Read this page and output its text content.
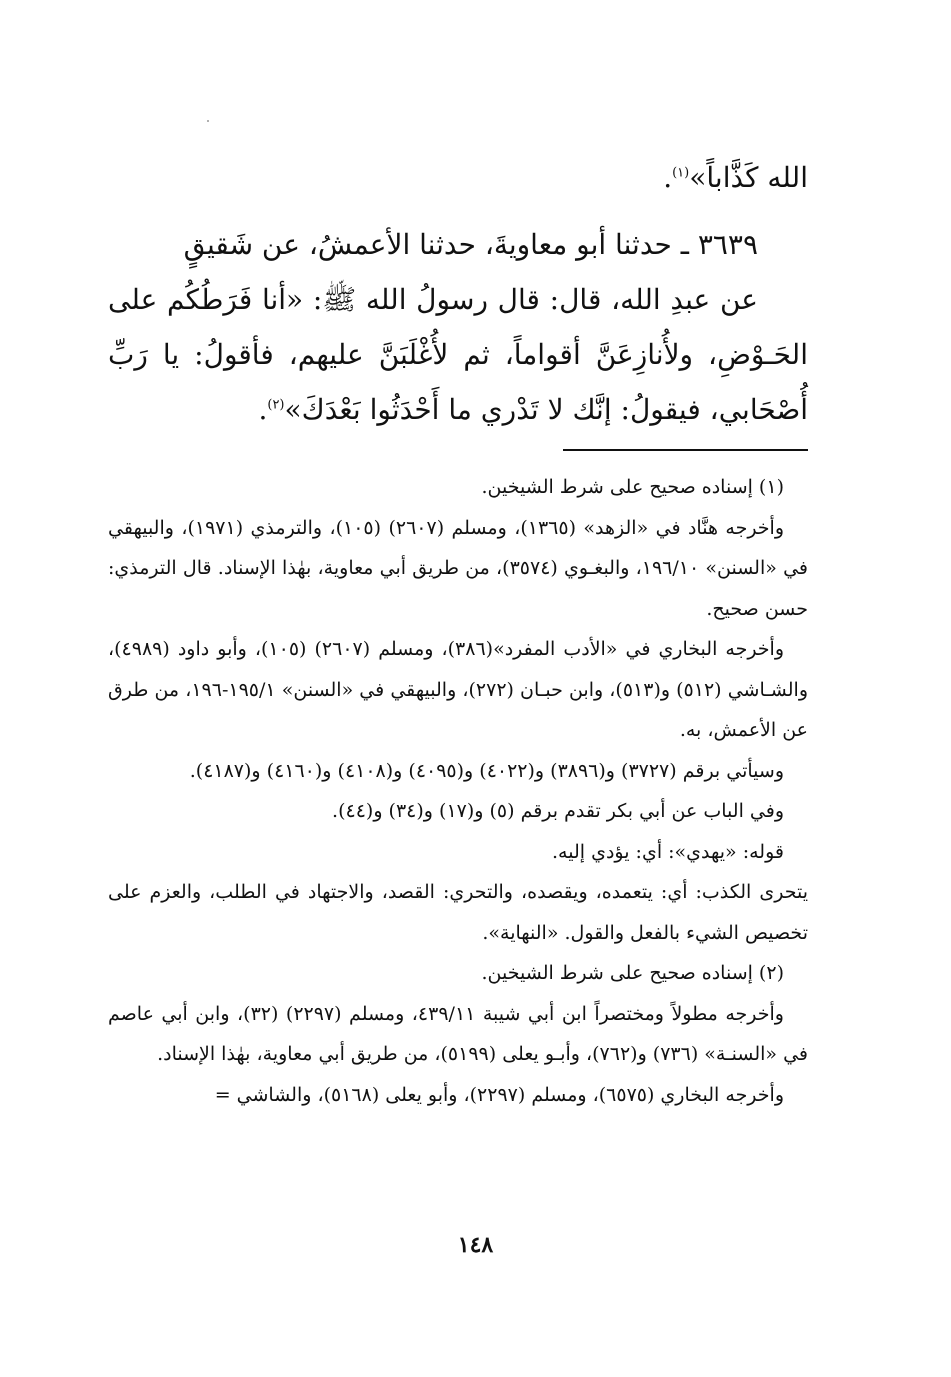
الله كَذَّاباً»$^{(١)}$.

٣٦٣٩ ـ حدثنا أبو معاويةَ، حدثنا الأعمشُ، عن شَقيقٍ

عن عبدِ الله، قال: قال رسولُ الله ﷺ: «أنا فَرَطُكُم على الحَـوْضِ، ولأُنازِعَنَّ أقواماً، ثم لأُغْلَبَنَّ عليهم، فأقولُ: يا رَبِّ أُصْحَابي، فيقولُ: إنَّك لا تَدْري ما أَحْدَثُوا بَعْدَكَ»$^{(٢)}$.

(١) إسناده صحيح على شرط الشيخين.

وأخرجه هنَّاد في «الزهد» (١٣٦٥)، ومسلم (٢٦٠٧) (١٠٥)، والترمذي (١٩٧١)، والبيهقي في «السنن» ١٩٦/١٠، والبغـوي (٣٥٧٤)، من طريق أبي معاوية، بهٰذا الإسناد. قال الترمذي: حسن صحيح.

وأخرجه البخاري في «الأدب المفرد»(٣٨٦)، ومسلم (٢٦٠٧) (١٠٥)، وأبو داود (٤٩٨٩)، والشـاشي (٥١٢) و(٥١٣)، وابن حبـان (٢٧٢)، والبيهقي في «السنن» ١٩٥/١-١٩٦، من طرق عن الأعمش، به.

وسيأتي برقم (٣٧٢٧) و(٣٨٩٦) و(٤٠٢٢) و(٤٠٩٥) و(٤١٠٨) و(٤١٦٠) و(٤١٨٧).

وفي الباب عن أبي بكر تقدم برقم (٥) و(١٧) و(٣٤) و(٤٤).

قوله: «يهدي»: أي: يؤدي إليه.

يتحرى الكذب: أي: يتعمده، ويقصده، والتحري: القصد، والاجتهاد في الطلب، والعزم على تخصيص الشيء بالفعل والقول. «النهاية».

(٢) إسناده صحيح على شرط الشيخين.

وأخرجه مطولاً ومختصراً ابن أبي شيبة ٤٣٩/١١، ومسلم (٢٢٩٧) (٣٢)، وابن أبي عاصم في «السنـة» (٧٣٦) و(٧٦٢)، وأبـو يعلى (٥١٩٩)، من طريق أبي معاوية، بهٰذا الإسناد.

وأخرجه البخاري (٦٥٧٥)، ومسلم (٢٢٩٧)، وأبو يعلى (٥١٦٨)، والشاشي =

١٤٨
